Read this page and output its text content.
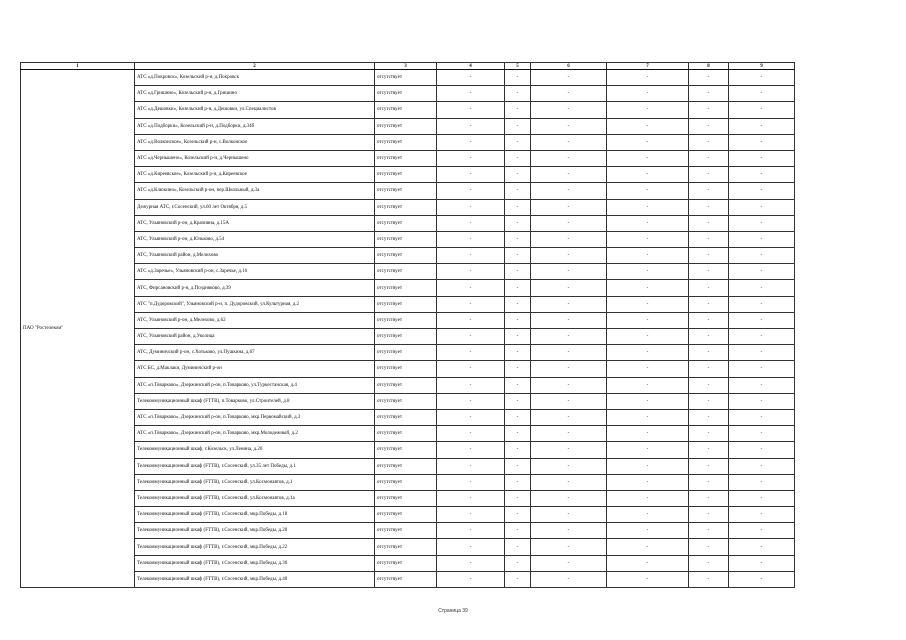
1	2	3	4	5	6	7	8	9
ПАО "Ростелеком"	АТС «д.Покровск», Козельский р-н, д.Покровск	отсутствует	-	-	-	-	-	-
	АТС «д.Гришино», Козельский р-н, д.Гришино	отсутствует	-	-	-	-	-	-
	АТС «д.Дешовки», Козельский р-н, д.Дешовки, ул.Специалистов	отсутствует	-	-	-	-	-	-
	АТС «д.Подборки», Козельский р-н, д.Подборки, д.34б	отсутствует	-	-	-	-	-	-
	АТС «д.Волконское», Козельский р-н, с.Волконское	отсутствует	-	-	-	-	-	-
	АТС «д.Чернышено», Козельский р-н, д.Чернышено	отсутствует	-	-	-	-	-	-
	АТС «д.Киреевское», Козельский р-н, д.Киреевское	отсутствует	-	-	-	-	-	-
	АТС «д.Клюкино», Козельский р-он, пер.Школьный, д.3а	отсутствует	-	-	-	-	-	-
	Дежурная АТС, г.Сосенский, ул.60 лет Октября, д.5	отсутствует	-	-	-	-	-	-
	АТС, Ульяновский р-он, д.Крапивна, д.15А	отсутствует	-	-	-	-	-	-
	АТС, Ульяновский р-он, д.Юльково, д.54	отсутствует	-	-	-	-	-	-
	АТС, Ульяновский район, д.Мелихово	отсутствует	-	-	-	-	-	-
	АТС «д.Заречье», Ульяновский р-он, с.Заречье, д.16	отсутствует	-	-	-	-	-	-
	АТС, Фирсановский р-н, д.Поздняково, д.39	отсутствует	-	-	-	-	-	-
	АТС "п.Дудоровский", Ульяновский р-н, п. Дудоровский, ул.Культурная, д.2	отсутствует	-	-	-	-	-	-
	АТС, Ульяновский р-он, д.Мелехово, д.62	отсутствует	-	-	-	-	-	-
	АТС, Ульяновский район, д.Уколица	отсутствует	-	-	-	-	-	-
	АТС, Думиничский р-он, с.Хотьково, ул.Пушкина, д.67	отсутствует	-	-	-	-	-	-
	АТС БС, д.Маклаки, Думиничский р-он	отсутствует	-	-	-	-	-	-
	АТС «п.Товарково», Дзержинский р-он, п.Товарково, ул.Туркестанская, д.4	отсутствует	-	-	-	-	-	-
	Телекоммуникационный шкаф (FTTB), п.Товарково, ул.Строителей, д.8	отсутствует	-	-	-	-	-	-
	АТС «п.Товарково», Дзержинский р-он, п.Товарково, мкр.Первомайский, д.3	отсутствует	-	-	-	-	-	-
	АТС «п.Товарково», Дзержинский р-он, п.Товарково, мкр.Молодежный, д.2	отсутствует	-	-	-	-	-	-
	Телекоммуникационный шкаф, г.Козельск, ул.Ленина, д.20	отсутствует	-	-	-	-	-	-
	Телекоммуникационный шкаф (FTTB), г.Сосенский, ул.35 лет Победы, д.1	отсутствует	-	-	-	-	-	-
	Телекоммуникационный шкаф (FTTB), г.Сосенский, ул.Космонавтов, д.1	отсутствует	-	-	-	-	-	-
	Телекоммуникационный шкаф (FTTB), г.Сосенский, ул.Космонавтов, д.1а	отсутствует	-	-	-	-	-	-
	Телекоммуникационный шкаф (FTTB), г.Сосенский, мкр.Победы, д.18	отсутствует	-	-	-	-	-	-
	Телекоммуникационный шкаф (FTTB), г.Сосенский, мкр.Победы, д.20	отсутствует	-	-	-	-	-	-
	Телекоммуникационный шкаф (FTTB), г.Сосенский, мкр.Победы, д.22	отсутствует	-	-	-	-	-	-
	Телекоммуникационный шкаф (FTTB), г.Сосенский, мкр.Победы, д.36	отсутствует	-	-	-	-	-	-
	Телекоммуникационный шкаф (FTTB), г.Сосенский, мкр.Победы, д.40	отсутствует	-	-	-	-	-	-
Страница 39
